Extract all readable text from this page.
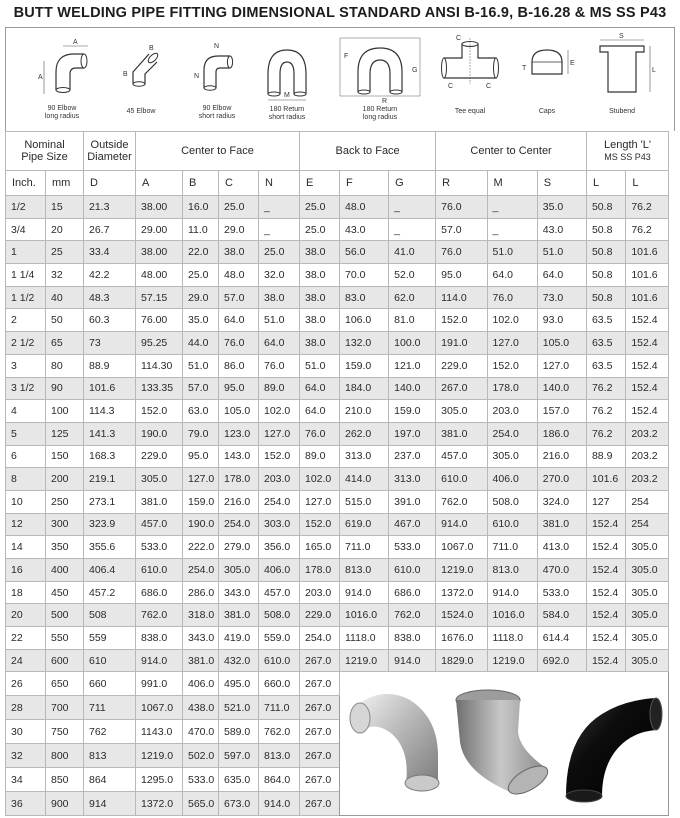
BUTT WELDING PIPE FITTING DIMENSIONAL STANDARD ANSI B-16.9, B-16.28 & MS SS P43
A
A
90 Elbow
long radius
B
B
45 Elbow
N
N
90 Elbow
short radius
M
180 Return
short radius
F
R
G
180 Return
long radius
C
C	C
Tee equal
E
T
Caps
S
L
Stubend
Nominal
Pipe Size		Outside
Diameter	Center to Face				Back to Face			Center to Center			Length 'L'
MS SS P43	

Inch.	mm	D	A	B	C	N	E	F	G	R	M	S	L	L
1/2	15	21.3	38.00	16.0	25.0	_	25.0	48.0	_	76.0	_	35.0	50.8	76.2
3/4	20	26.7	29.00	11.0	29.0	_	25.0	43.0	_	57.0	_	43.0	50.8	76.2
1	25	33.4	38.00	22.0	38.0	25.0	38.0	56.0	41.0	76.0	51.0	51.0	50.8	101.6
1 1/4	32	42.2	48.00	25.0	48.0	32.0	38.0	70.0	52.0	95.0	64.0	64.0	50.8	101.6
1 1/2	40	48.3	57.15	29.0	57.0	38.0	38.0	83.0	62.0	114.0	76.0	73.0	50.8	101.6
2	50	60.3	76.00	35.0	64.0	51.0	38.0	106.0	81.0	152.0	102.0	93.0	63.5	152.4
2 1/2	65	73	95.25	44.0	76.0	64.0	38.0	132.0	100.0	191.0	127.0	105.0	63.5	152.4
3	80	88.9	114.30	51.0	86.0	76.0	51.0	159.0	121.0	229.0	152.0	127.0	63.5	152.4
3 1/2	90	101.6	133.35	57.0	95.0	89.0	64.0	184.0	140.0	267.0	178.0	140.0	76.2	152.4
4	100	114.3	152.0	63.0	105.0	102.0	64.0	210.0	159.0	305.0	203.0	157.0	76.2	152.4
5	125	141.3	190.0	79.0	123.0	127.0	76.0	262.0	197.0	381.0	254.0	186.0	76.2	203.2
6	150	168.3	229.0	95.0	143.0	152.0	89.0	313.0	237.0	457.0	305.0	216.0	88.9	203.2
8	200	219.1	305.0	127.0	178.0	203.0	102.0	414.0	313.0	610.0	406.0	270.0	101.6	203.2
10	250	273.1	381.0	159.0	216.0	254.0	127.0	515.0	391.0	762.0	508.0	324.0	127	254
12	300	323.9	457.0	190.0	254.0	303.0	152.0	619.0	467.0	914.0	610.0	381.0	152.4	254
14	350	355.6	533.0	222.0	279.0	356.0	165.0	711.0	533.0	1067.0	711.0	413.0	152.4	305.0
16	400	406.4	610.0	254.0	305.0	406.0	178.0	813.0	610.0	1219.0	813.0	470.0	152.4	305.0
18	450	457.2	686.0	286.0	343.0	457.0	203.0	914.0	686.0	1372.0	914.0	533.0	152.4	305.0
20	500	508	762.0	318.0	381.0	508.0	229.0	1016.0	762.0	1524.0	1016.0	584.0	152.4	305.0
22	550	559	838.0	343.0	419.0	559.0	254.0	1118.0	838.0	1676.0	1118.0	614.4	152.4	305.0
24	600	610	914.0	381.0	432.0	610.0	267.0	1219.0	914.0	1829.0	1219.0	692.0	152.4	305.0
26	650	660	991.0	406.0	495.0	660.0	267.0	
28	700	711	1067.0	438.0	521.0	711.0	267.0							
30	750	762	1143.0	470.0	589.0	762.0	267.0							
32	800	813	1219.0	502.0	597.0	813.0	267.0							
34	850	864	1295.0	533.0	635.0	864.0	267.0							
36	900	914	1372.0	565.0	673.0	914.0	267.0							
